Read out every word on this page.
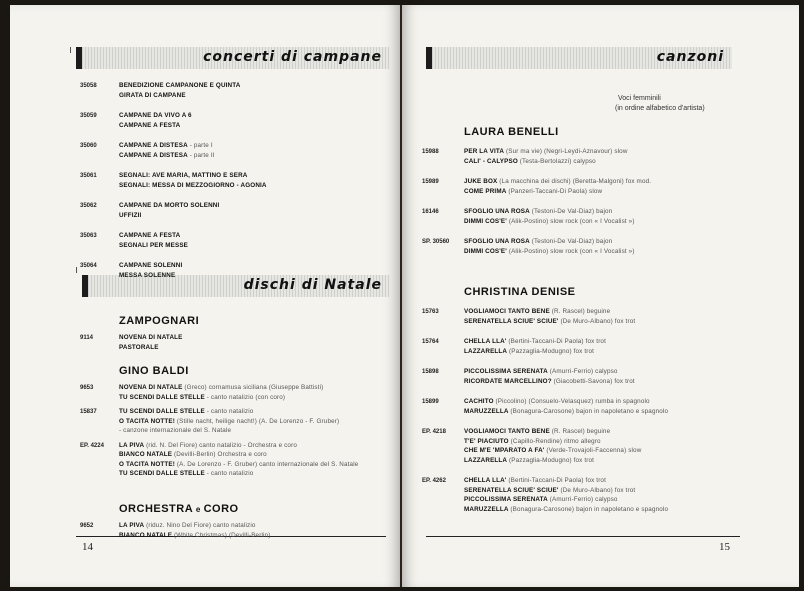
concerti di campane
dischi di Natale
14
35058	BENEDIZIONE CAMPANONE E QUINTA
GIRATA DI CAMPANE
35059	CAMPANE DA VIVO A 6
CAMPANE A FESTA
35060	CAMPANE A DISTESA - parte I
CAMPANE A DISTESA - parte II
35061	SEGNALI: AVE MARIA, MATTINO E SERA
SEGNALI: MESSA DI MEZZOGIORNO - AGONIA
35062	CAMPANE DA MORTO SOLENNI
UFFIZII
35063	CAMPANE A FESTA
SEGNALI PER MESSE
35064	CAMPANE SOLENNI
MESSA SOLENNE
ZAMPOGNARI
9114	NOVENA DI NATALE
PASTORALE
GINO BALDI
9653	NOVENA DI NATALE (Greco) cornamusa siciliana (Giuseppe Battisti)
TU SCENDI DALLE STELLE - canto natalizio (con coro)
15837	TU SCENDI DALLE STELLE - canto natalizio
O TACITA NOTTE! (Stille nacht, heilige nacht!) (A. De Lorenzo - F. Gruber)
- canzone internazionale del S. Natale
EP. 4224 LA PIVA (rid. N. Del Fiore) canto natalizio - Orchestra e coro
BIANCO NATALE (Devilli-Berlin) Orchestra e coro
O TACITA NOTTE! (A. De Lorenzo - F. Gruber) canto internazionale del S. Natale
TU SCENDI DALLE STELLE - canto natalizio
ORCHESTRA e CORO
9652	LA PIVA (riduz. Nino Del Fiore) canto natalizio
BIANCO NATALE (White Christmas) (Devilli-Berlin)
canzoni
Voci femminili
(in ordine alfabetico d'artista)
15
LAURA BENELLI
15988	PER LA VITA (Sur ma vie) (Negri-Leydi-Aznavour) slow
CALI' - CALYPSO (Testa-Bertolazzi) calypso
15989	JUKE BOX (La macchina dei dischi) (Beretta-Malgoni) fox mod.
COME PRIMA (Panzeri-Taccani-Di Paola) slow
16146	SFOGLIO UNA ROSA (Testoni-De Val-Diaz) bajon
DIMMI COS'E' (Alik-Postino) slow rock (con « I Vocalist »)
SP. 30560 SFOGLIO UNA ROSA (Testoni-De Val-Diaz) bajon
DIMMI COS'E' (Alik-Postino) slow rock (con « I Vocalist »)
CHRISTINA DENISE
15763	VOGLIAMOCI TANTO BENE (R. Rascel) beguine
SERENATELLA SCIUE' SCIUE' (De Muro-Albano) fox trot
15764	CHELLA LLA' (Bertini-Taccani-Di Paola) fox trot
LAZZARELLA (Pazzaglia-Modugno) fox trot
15898	PICCOLISSIMA SERENATA (Amurri-Ferrio) calypso
RICORDATE MARCELLINO? (Giacobetti-Savona) fox trot
15899	CACHITO (Piccolino) (Consuelo-Velasquez) rumba in spagnolo
MARUZZELLA (Bonagura-Carosone) bajon in napoletano e spagnolo
EP. 4218	VOGLIAMOCI TANTO BENE (R. Rascel) beguine
T'E' PIACIUTO (Capillo-Rendine) ritmo allegro
CHE M'E 'MPARATO A FA' (Verde-Trovajoli-Faccenna) slow
LAZZARELLA (Pazzaglia-Modugno) fox trot
EP. 4262	CHELLA LLA' (Bertini-Taccani-Di Paola) fox trot
SERENATELLA SCIUE' SCIUE' (De Muro-Albano) fox trot
PICCOLISSIMA SERENATA (Amurri-Ferrio) calypso
MARUZZELLA (Bonagura-Carosone) bajon in napoletano e spagnolo
